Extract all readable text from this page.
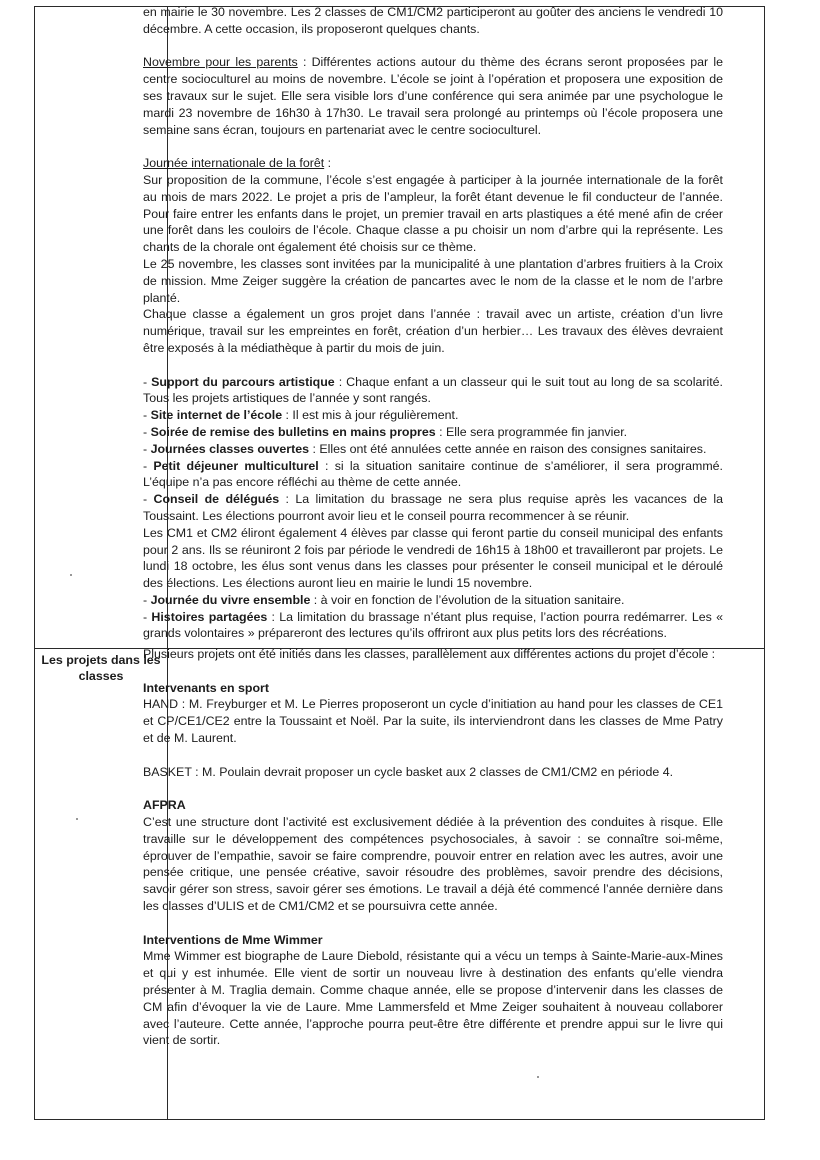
Les projets dans les classes

en mairie le 30 novembre. Les 2 classes de CM1/CM2 participeront au goûter des anciens le vendredi 10 décembre. A cette occasion, ils proposeront quelques chants.

Novembre pour les parents : Différentes actions autour du thème des écrans seront proposées par le centre socioculturel au moins de novembre. L’école se joint à l’opération et proposera une exposition de ses travaux sur le sujet. Elle sera visible lors d’une conférence qui sera animée par une psychologue le mardi 23 novembre de 16h30 à 17h30. Le travail sera prolongé au printemps où l’école proposera une semaine sans écran, toujours en partenariat avec le centre socioculturel.

Journée internationale de la forêt :

Sur proposition de la commune, l’école s’est engagée à participer à la journée internationale de la forêt au mois de mars 2022. Le projet a pris de l’ampleur, la forêt étant devenue le fil conducteur de l’année. Pour faire entrer les enfants dans le projet, un premier travail en arts plastiques a été mené afin de créer une forêt dans les couloirs de l’école. Chaque classe a pu choisir un nom d’arbre qui la représente. Les chants de la chorale ont également été choisis sur ce thème.

Le 25 novembre, les classes sont invitées par la municipalité à une plantation d’arbres fruitiers à la Croix de mission. Mme Zeiger suggère la création de pancartes avec le nom de la classe et le nom de l’arbre planté.

Chaque classe a également un gros projet dans l’année : travail avec un artiste, création d’un livre numérique, travail sur les empreintes en forêt, création d’un herbier… Les travaux des élèves devraient être exposés à la médiathèque à partir du mois de juin.

- Support du parcours artistique : Chaque enfant a un classeur qui le suit tout au long de sa scolarité. Tous les projets artistiques de l’année y sont rangés.

- Site internet de l’école : Il est mis à jour régulièrement.

- Soirée de remise des bulletins en mains propres : Elle sera programmée fin janvier.

- Journées classes ouvertes : Elles ont été annulées cette année en raison des consignes sanitaires.

- Petit déjeuner multiculturel : si la situation sanitaire continue de s’améliorer, il sera programmé. L’équipe n’a pas encore réfléchi au thème de cette année.

- Conseil de délégués : La limitation du brassage ne sera plus requise après les vacances de la Toussaint. Les élections pourront avoir lieu et le conseil pourra recommencer à se réunir.

Les CM1 et CM2 éliront également 4 élèves par classe qui feront partie du conseil municipal des enfants pour 2 ans. Ils se réuniront 2 fois par période le vendredi de 16h15 à 18h00 et travailleront par projets. Le lundi 18 octobre, les élus sont venus dans les classes pour présenter le conseil municipal et le déroulé des élections. Les élections auront lieu en mairie le lundi 15 novembre.

- Journée du vivre ensemble : à voir en fonction de l’évolution de la situation sanitaire.

- Histoires partagées : La limitation du brassage n’étant plus requise, l’action pourra redémarrer. Les « grands volontaires » prépareront des lectures qu’ils offriront aux plus petits lors des récréations.

Plusieurs projets ont été initiés dans les classes, parallèlement aux différentes actions du projet d’école :

Intervenants en sport

HAND : M. Freyburger et M. Le Pierres proposeront un cycle d’initiation au hand pour les classes de CE1 et CP/CE1/CE2 entre la Toussaint et Noël. Par la suite, ils interviendront dans les classes de Mme Patry et de M. Laurent.

BASKET : M. Poulain devrait proposer un cycle basket aux 2 classes de CM1/CM2 en période 4.

AFPRA

C’est une structure dont l’activité est exclusivement dédiée à la prévention des conduites à risque. Elle travaille sur le développement des compétences psychosociales, à savoir : se connaître soi-même, éprouver de l’empathie, savoir se faire comprendre, pouvoir entrer en relation avec les autres, avoir une pensée critique, une pensée créative, savoir résoudre des problèmes, savoir prendre des décisions, savoir gérer son stress, savoir gérer ses émotions. Le travail a déjà été commencé l’année dernière dans les classes d’ULIS et de CM1/CM2 et se poursuivra cette année.

Interventions de Mme Wimmer

Mme Wimmer est biographe de Laure Diebold, résistante qui a vécu un temps à Sainte-Marie-aux-Mines et qui y est inhumée. Elle vient de sortir un nouveau livre à destination des enfants qu’elle viendra présenter à M. Traglia demain. Comme chaque année, elle se propose d’intervenir dans les classes de CM afin d’évoquer la vie de Laure. Mme Lammersfeld et Mme Zeiger souhaitent à nouveau collaborer avec l’auteure. Cette année, l’approche pourra peut-être être différente et prendre appui sur le livre qui vient de sortir.
